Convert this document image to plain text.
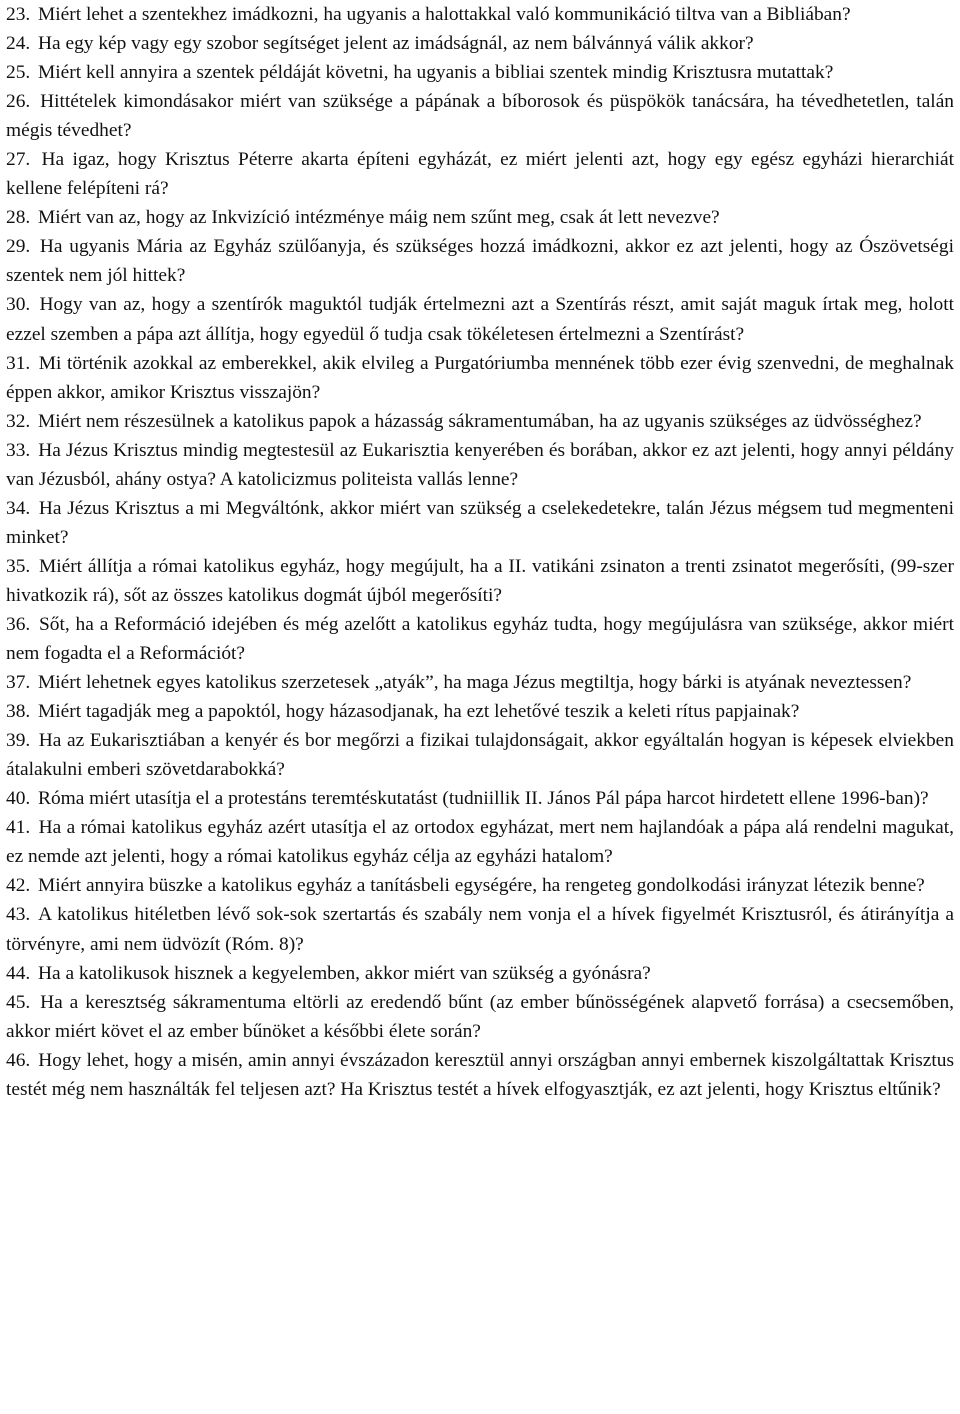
23. Miért lehet a szentekhez imádkozni, ha ugyanis a halottakkal való kommunikáció tiltva van a Bibliában?

24. Ha egy kép vagy egy szobor segítséget jelent az imádságnál, az nem bálvánnyá válik akkor?

25. Miért kell annyira a szentek példáját követni, ha ugyanis a bibliai szentek mindig Krisztusra mutattak?

26. Hittételek kimondásakor miért van szüksége a pápának a bíborosok és püspökök tanácsára, ha tévedhetetlen, talán mégis tévedhet?

27. Ha igaz, hogy Krisztus Péterre akarta építeni egyházát, ez miért jelenti azt, hogy egy egész egyházi hierarchiát kellene felépíteni rá?

28. Miért van az, hogy az Inkvizíció intézménye máig nem szűnt meg, csak át lett nevezve?

29. Ha ugyanis Mária az Egyház szülőanyja, és szükséges hozzá imádkozni, akkor ez azt jelenti, hogy az Ószövetségi szentek nem jól hittek?

30. Hogy van az, hogy a szentírók maguktól tudják értelmezni azt a Szentírás részt, amit saját maguk írtak meg, holott ezzel szemben a pápa azt állítja, hogy egyedül ő tudja csak tökéletesen értelmezni a Szentírást?

31. Mi történik azokkal az emberekkel, akik elvileg a Purgatóriumba mennének több ezer évig szenvedni, de meghalnak éppen akkor, amikor Krisztus visszajön?

32. Miért nem részesülnek a katolikus papok a házasság sákramentumában, ha az ugyanis szükséges az üdvösséghez?

33. Ha Jézus Krisztus mindig megtestesül az Eukarisztia kenyerében és borában, akkor ez azt jelenti, hogy annyi példány van Jézusból, ahány ostya? A katolicizmus politeista vallás lenne?

34. Ha Jézus Krisztus a mi Megváltónk, akkor miért van szükség a cselekedetekre, talán Jézus mégsem tud megmenteni minket?

35. Miért állítja a római katolikus egyház, hogy megújult, ha a II. vatikáni zsinaton a trenti zsinatot megerősíti, (99-szer hivatkozik rá), sőt az összes katolikus dogmát újból megerősíti?

36. Sőt, ha a Reformáció idejében és még azelőtt a katolikus egyház tudta, hogy megújulásra van szüksége, akkor miért nem fogadta el a Reformációt?

37. Miért lehetnek egyes katolikus szerzetesek „atyák”, ha maga Jézus megtiltja, hogy bárki is atyának neveztessen?

38. Miért tagadják meg a papoktól, hogy házasodjanak, ha ezt lehetővé teszik a keleti rítus papjainak?

39. Ha az Eukarisztiában a kenyér és bor megőrzi a fizikai tulajdonságait, akkor egyáltalán hogyan is képesek elviekben átalakulni emberi szövetdarabokká?

40. Róma miért utasítja el a protestáns teremtéskutatást (tudniillik II. János Pál pápa harcot hirdetett ellene 1996-ban)?

41. Ha a római katolikus egyház azért utasítja el az ortodox egyházat, mert nem hajlandóak a pápa alá rendelni magukat, ez nemde azt jelenti, hogy a római katolikus egyház célja az egyházi hatalom?

42. Miért annyira büszke a katolikus egyház a tanításbeli egységére, ha rengeteg gondolkodási irányzat létezik benne?

43. A katolikus hitéletben lévő sok-sok szertartás és szabály nem vonja el a hívek figyelmét Krisztusról, és átirányítja a törvényre, ami nem üdvözít (Róm. 8)?

44. Ha a katolikusok hisznek a kegyelemben, akkor miért van szükség a gyónásra?

45. Ha a keresztség sákramentuma eltörli az eredendő bűnt (az ember bűnösségének alapvető forrása) a csecsemőben, akkor miért követ el az ember bűnöket a későbbi élete során?

46. Hogy lehet, hogy a misén, amin annyi évszázadon keresztül annyi országban annyi embernek kiszolgáltattak Krisztus testét még nem használták fel teljesen azt? Ha Krisztus testét a hívek elfogyasztják, ez azt jelenti, hogy Krisztus eltűnik?
